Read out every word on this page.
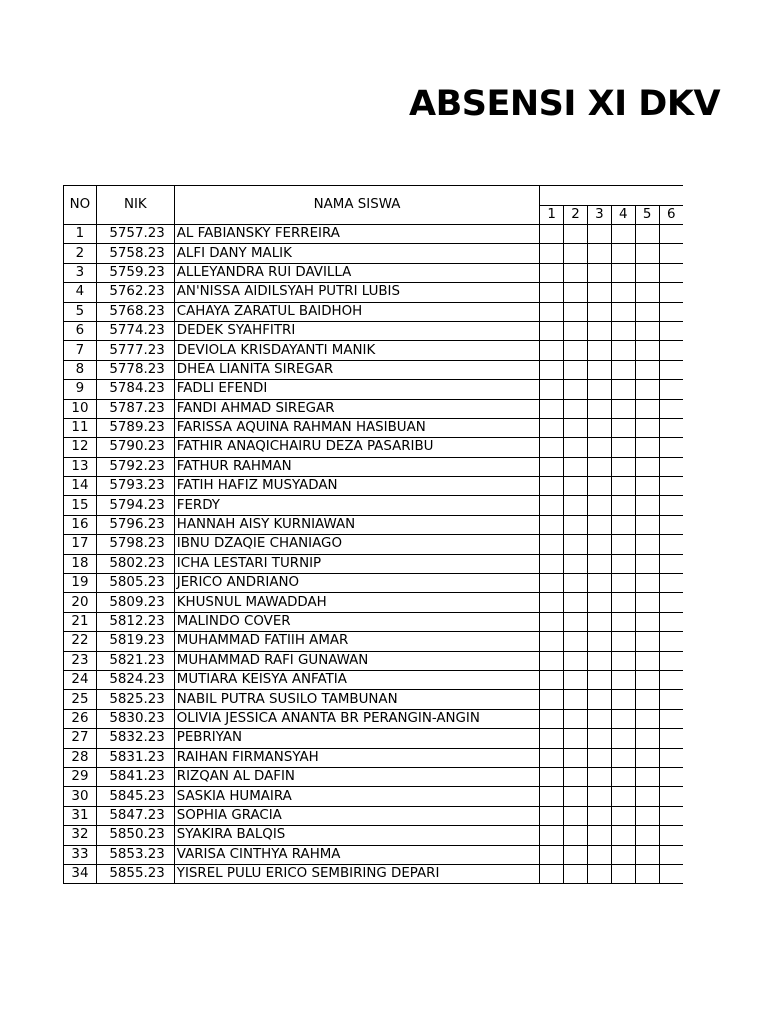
ABSENSI XI DKV
NO	NIK	NAMA SISWA						
			1	2	3	4	5	6
1	5757.23	AL FABIANSKY FERREIRA						
2	5758.23	ALFI DANY MALIK						
3	5759.23	ALLEYANDRA RUI DAVILLA						
4	5762.23	AN'NISSA AIDILSYAH PUTRI LUBIS						
5	5768.23	CAHAYA ZARATUL BAIDHOH						
6	5774.23	DEDEK SYAHFITRI						
7	5777.23	DEVIOLA KRISDAYANTI MANIK						
8	5778.23	DHEA LIANITA SIREGAR						
9	5784.23	FADLI EFENDI						
10	5787.23	FANDI AHMAD SIREGAR						
11	5789.23	FARISSA AQUINA RAHMAN HASIBUAN						
12	5790.23	FATHIR ANAQICHAIRU DEZA PASARIBU						
13	5792.23	FATHUR RAHMAN						
14	5793.23	FATIH HAFIZ MUSYADAN						
15	5794.23	FERDY						
16	5796.23	HANNAH AISY KURNIAWAN						
17	5798.23	IBNU DZAQIE CHANIAGO						
18	5802.23	ICHA LESTARI TURNIP						
19	5805.23	JERICO ANDRIANO						
20	5809.23	KHUSNUL MAWADDAH						
21	5812.23	MALINDO COVER						
22	5819.23	MUHAMMAD FATIIH AMAR						
23	5821.23	MUHAMMAD RAFI GUNAWAN						
24	5824.23	MUTIARA KEISYA ANFATIA						
25	5825.23	NABIL PUTRA SUSILO TAMBUNAN						
26	5830.23	OLIVIA JESSICA ANANTA BR PERANGIN-ANGIN						
27	5832.23	PEBRIYAN						
28	5831.23	RAIHAN FIRMANSYAH						
29	5841.23	RIZQAN AL DAFIN						
30	5845.23	SASKIA HUMAIRA						
31	5847.23	SOPHIA GRACIA						
32	5850.23	SYAKIRA BALQIS						
33	5853.23	VARISA CINTHYA RAHMA						
34	5855.23	YISREL PULU ERICO SEMBIRING DEPARI						
